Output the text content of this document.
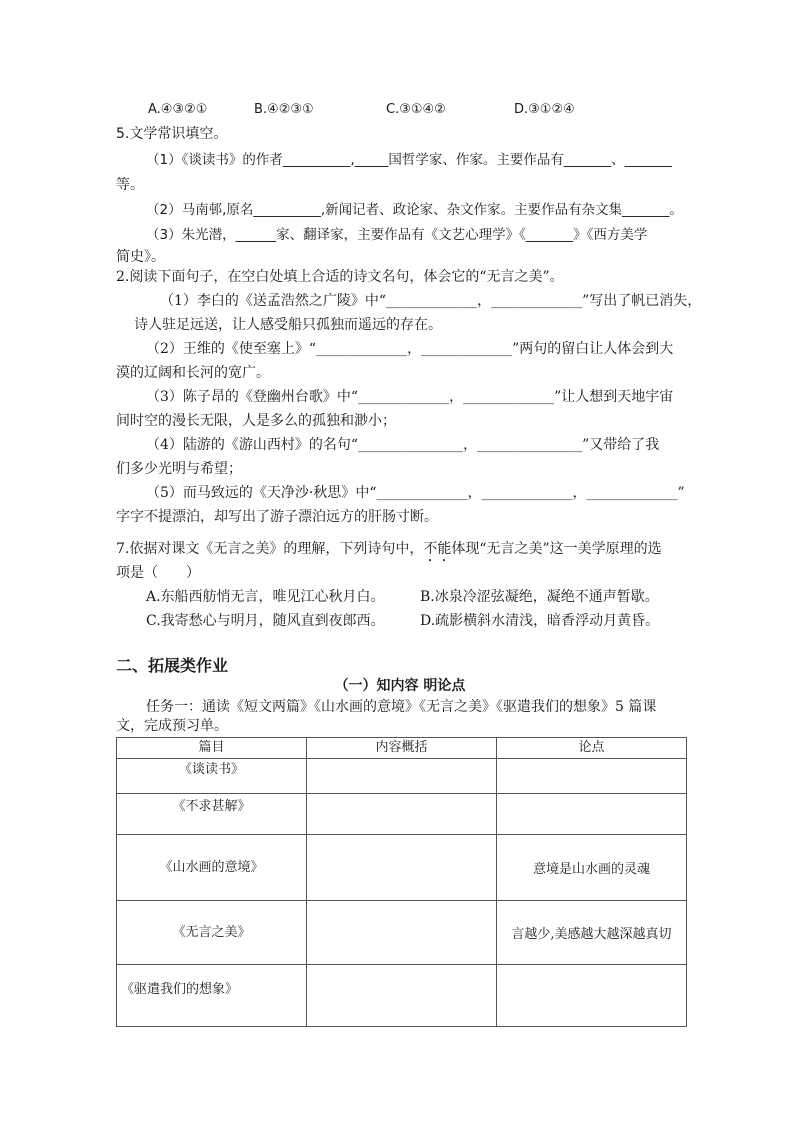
A.④③②①	B.④②③①	C.③①④②	D.③①②④
5.文学常识填空。
（1）《谈读书》的作者__________,_____国哲学家、作家。主要作品有_______、_______
等。
（2）马南邨,原名__________,新闻记者、政论家、杂文作家。主要作品有杂文集_______。
（3）朱光潜，______家、翻译家，主要作品有《文艺心理学》《_______》《西方美学
简史》。
2.阅读下面句子，在空白处填上合适的诗文名句，体会它的“无言之美”。
（1）李白的《送孟浩然之广陵》中“_____________，_____________”写出了帆已消失，
诗人驻足远送，让人感受船只孤独而遥远的存在。
（2）王维的《使至塞上》“_____________，_____________”两句的留白让人体会到大
漠的辽阔和长河的宽广。
（3）陈子昂的《登幽州台歌》中“_____________，_____________”让人想到天地宇宙
间时空的漫长无限，人是多么的孤独和渺小；
（4）陆游的《游山西村》的名句“_______________，_______________”又带给了我
们多少光明与希望；
（5）而马致远的《天净沙·秋思》中“_____________，_____________，_____________”
字字不提漂泊，却写出了游子漂泊远方的肝肠寸断。
7.依据对课文《无言之美》的理解，下列诗句中，不能体现“无言之美”这一美学原理的选
项是（　　）
A.东船西舫悄无言，唯见江心秋月白。	B.冰泉冷涩弦凝绝，凝绝不通声暂歇。
C.我寄愁心与明月，随风直到夜郎西。	D.疏影横斜水清浅，暗香浮动月黄昏。
二、拓展类作业
（一）知内容 明论点
任务一：通读《短文两篇》《山水画的意境》《无言之美》《驱遣我们的想象》5 篇课
文，完成预习单。
篇目	内容概括	论点
《谈读书》		
《不求甚解》		
《山水画的意境》		意境是山水画的灵魂
《无言之美》		言越少,美感越大越深越真切
《驱遣我们的想象》		
